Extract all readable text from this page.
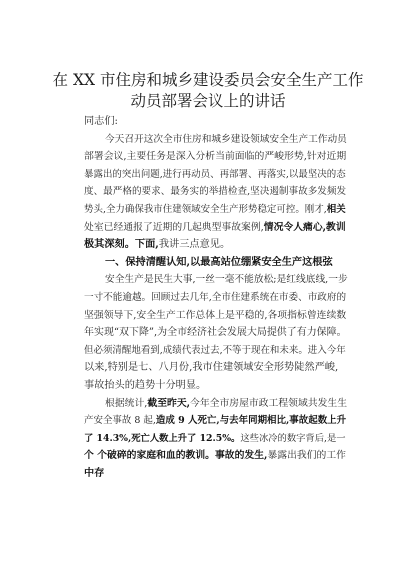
在 XX 市住房和城乡建设委员会安全生产工作
动员部署会议上的讲话
同志们:

今天召开这次全市住房和城乡建设领域安全生产工作动员
部署会议,主要任务是深入分析当前面临的严峻形势,针对近期
暴露出的突出问题,进行再动员、再部署、再落实,以最坚决的态
度、最严格的要求、最务实的举措检查,坚决遏制事故多发频发
势头,全力确保我市住建领域安全生产形势稳定可控。刚才,相关
处室已经通报了近期的几起典型事故案例,情况令人痛心,教训
极其深刻。下面,我讲三点意见。

一、保持清醒认知,以最高站位绷紧安全生产这根弦

安全生产是民生大事,一丝一毫不能放松;是红线底线,一步
一寸不能逾越。回顾过去几年,全市住建系统在市委、市政府的
坚强领导下,安全生产工作总体上是平稳的,各项指标曾连续数
年实现“双下降”,为全市经济社会发展大局提供了有力保障。
但必须清醒地看到,成绩代表过去,不等于现在和未来。进入今年
以来,特别是七、八月份,我市住建领域安全形势陡然严峻,
事故抬头的趋势十分明显。

根据统计,截至昨天,今年全市房屋市政工程领域共发生生
产安全事故 8 起,造成 9 人死亡,与去年同期相比,事故起数上升
了 14.3%,死亡人数上升了 12.5%。这些冰冷的数字背后,是一
个 个破碎的家庭和血的教训。事故的发生,暴露出我们的工作
中存
